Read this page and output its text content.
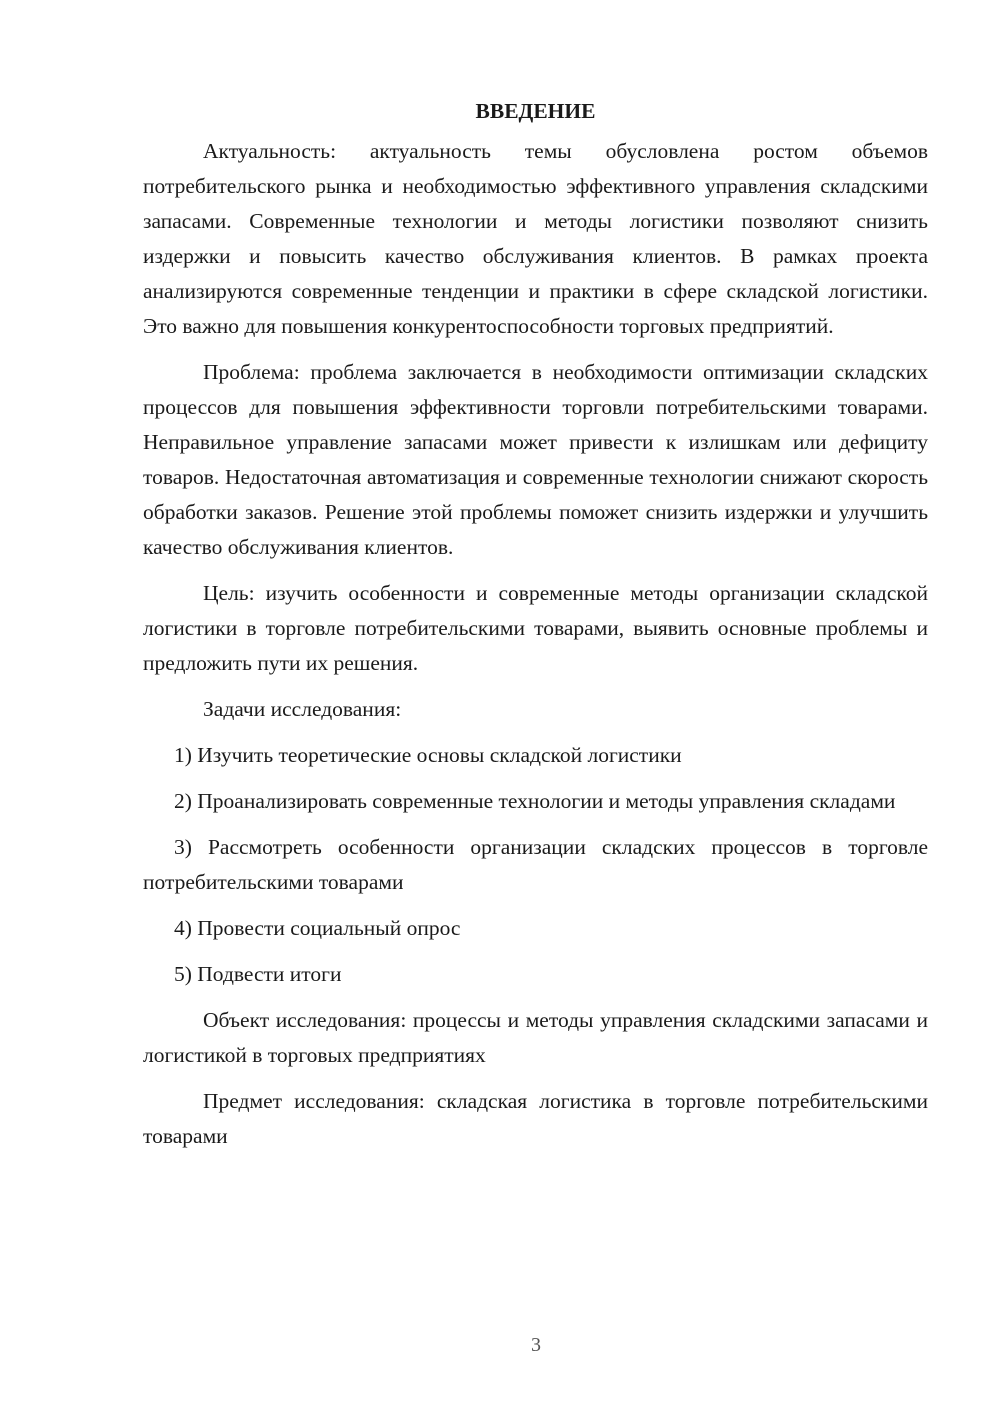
ВВЕДЕНИЕ

Актуальность: актуальность темы обусловлена ростом объемов потребительского рынка и необходимостью эффективного управления складскими запасами. Современные технологии и методы логистики позволяют снизить издержки и повысить качество обслуживания клиентов. В рамках проекта анализируются современные тенденции и практики в сфере складской логистики. Это важно для повышения конкурентоспособности торговых предприятий.

Проблема: проблема заключается в необходимости оптимизации складских процессов для повышения эффективности торговли потребительскими товарами. Неправильное управление запасами может привести к излишкам или дефициту товаров. Недостаточная автоматизация и современные технологии снижают скорость обработки заказов. Решение этой проблемы поможет снизить издержки и улучшить качество обслуживания клиентов.

Цель: изучить особенности и современные методы организации складской логистики в торговле потребительскими товарами, выявить основные проблемы и предложить пути их решения.

Задачи исследования:

1) Изучить теоретические основы складской логистики

2) Проанализировать современные технологии и методы управления складами

3) Рассмотреть особенности организации складских процессов в торговле потребительскими товарами

4) Провести социальный опрос

5) Подвести итоги

Объект исследования: процессы и методы управления складскими запасами и логистикой в торговых предприятиях

Предмет исследования: складская логистика в торговле потребительскими товарами

3
